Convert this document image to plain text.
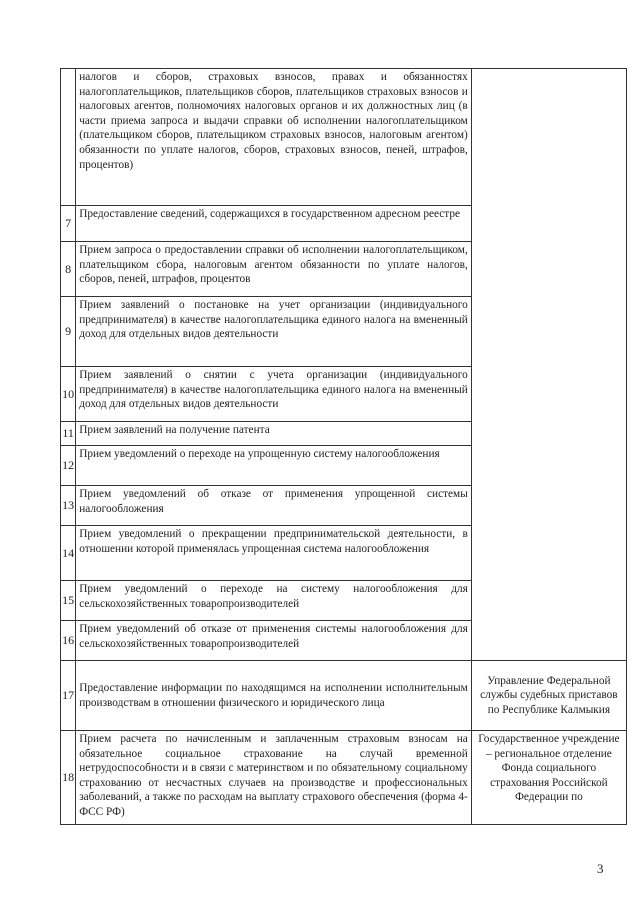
	налогов и сборов, страховых взносов, правах и обязанностях налогоплательщиков, плательщиков сборов, плательщиков страховых взносов и налоговых агентов, полномочиях налоговых органов и их должностных лиц (в части приема запроса и выдачи справки об исполнении налогоплательщиком (плательщиком сборов, плательщиком страховых взносов, налоговым агентом) обязанности по уплате налогов, сборов, страховых взносов, пеней, штрафов, процентов)	
7	Предоставление сведений, содержащихся в государственном адресном реестре	
8	Прием запроса о предоставлении справки об исполнении налогоплательщиком, плательщиком сбора, налоговым агентом обязанности по уплате налогов, сборов, пеней, штрафов, процентов	
9	Прием заявлений о постановке на учет организации (индивидуального предпринимателя) в качестве налогоплательщика единого налога на вмененный доход для отдельных видов деятельности	
10	Прием заявлений о снятии с учета организации (индивидуального предпринимателя) в качестве налогоплательщика единого налога на вмененный доход для отдельных видов деятельности	
11	Прием заявлений на получение патента	
12	Прием уведомлений о переходе на упрощенную систему налогообложения	
13	Прием уведомлений об отказе от применения упрощенной системы налогообложения	
14	Прием уведомлений о прекращении предпринимательской деятельности, в отношении которой применялась упрощенная система налогообложения	
15	Прием уведомлений о переходе на систему налогообложения для сельскохозяйственных товаропроизводителей	
16	Прием уведомлений об отказе от применения системы налогообложения для сельскохозяйственных товаропроизводителей	
17	Предоставление информации по находящимся на исполнении исполнительным производствам в отношении физического и юридического лица	Управление Федеральной службы судебных приставов по Республике Калмыкия
18	Прием расчета по начисленным и заплаченным страховым взносам на обязательное социальное страхование на случай временной нетрудоспособности и в связи с материнством и по обязательному социальному страхованию от несчастных случаев на производстве и профессиональных заболеваний, а также по расходам на выплату страхового обеспечения (форма 4-ФСС РФ)	Государственное учреждение – региональное отделение Фонда социального страхования Российской Федерации по
3
